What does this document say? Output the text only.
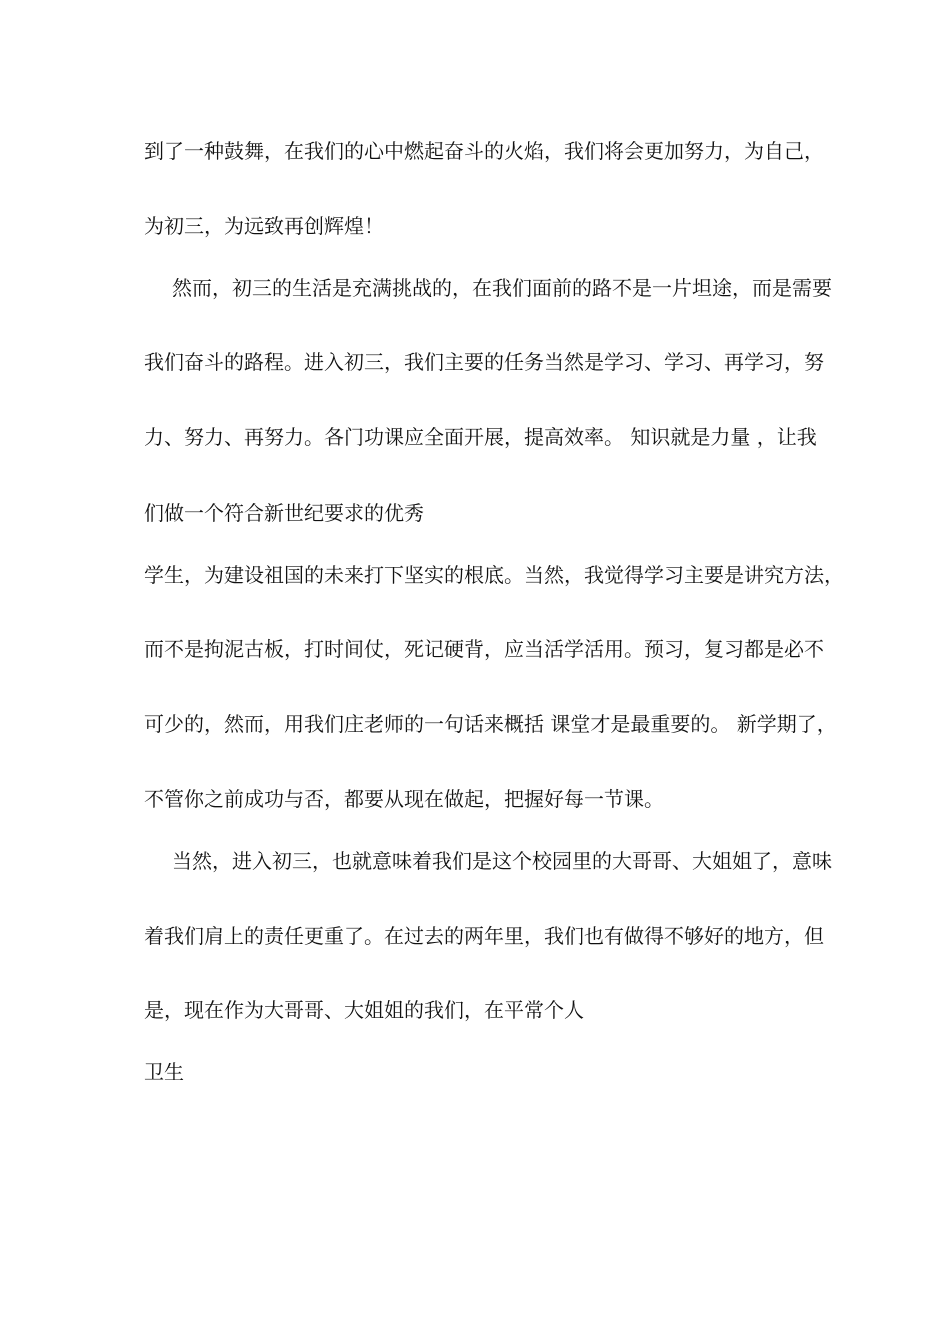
到了一种鼓舞，在我们的心中燃起奋斗的火焰，我们将会更加努力，为自己，
为初三，为远致再创辉煌！
然而，初三的生活是充满挑战的，在我们面前的路不是一片坦途，而是需要
我们奋斗的路程。进入初三，我们主要的任务当然是学习、学习、再学习，努
力、努力、再努力。各门功课应全面开展，提高效率。 知识就是力量 ，让我
们做一个符合新世纪要求的优秀
学生，为建设祖国的未来打下坚实的根底。当然，我觉得学习主要是讲究方法，
而不是拘泥古板，打时间仗，死记硬背，应当活学活用。预习，复习都是必不
可少的，然而，用我们庄老师的一句话来概括 课堂才是最重要的。 新学期了，
不管你之前成功与否，都要从现在做起，把握好每一节课。
当然，进入初三，也就意味着我们是这个校园里的大哥哥、大姐姐了，意味
着我们肩上的责任更重了。在过去的两年里，我们也有做得不够好的地方，但
是，现在作为大哥哥、大姐姐的我们，在平常个人
卫生
